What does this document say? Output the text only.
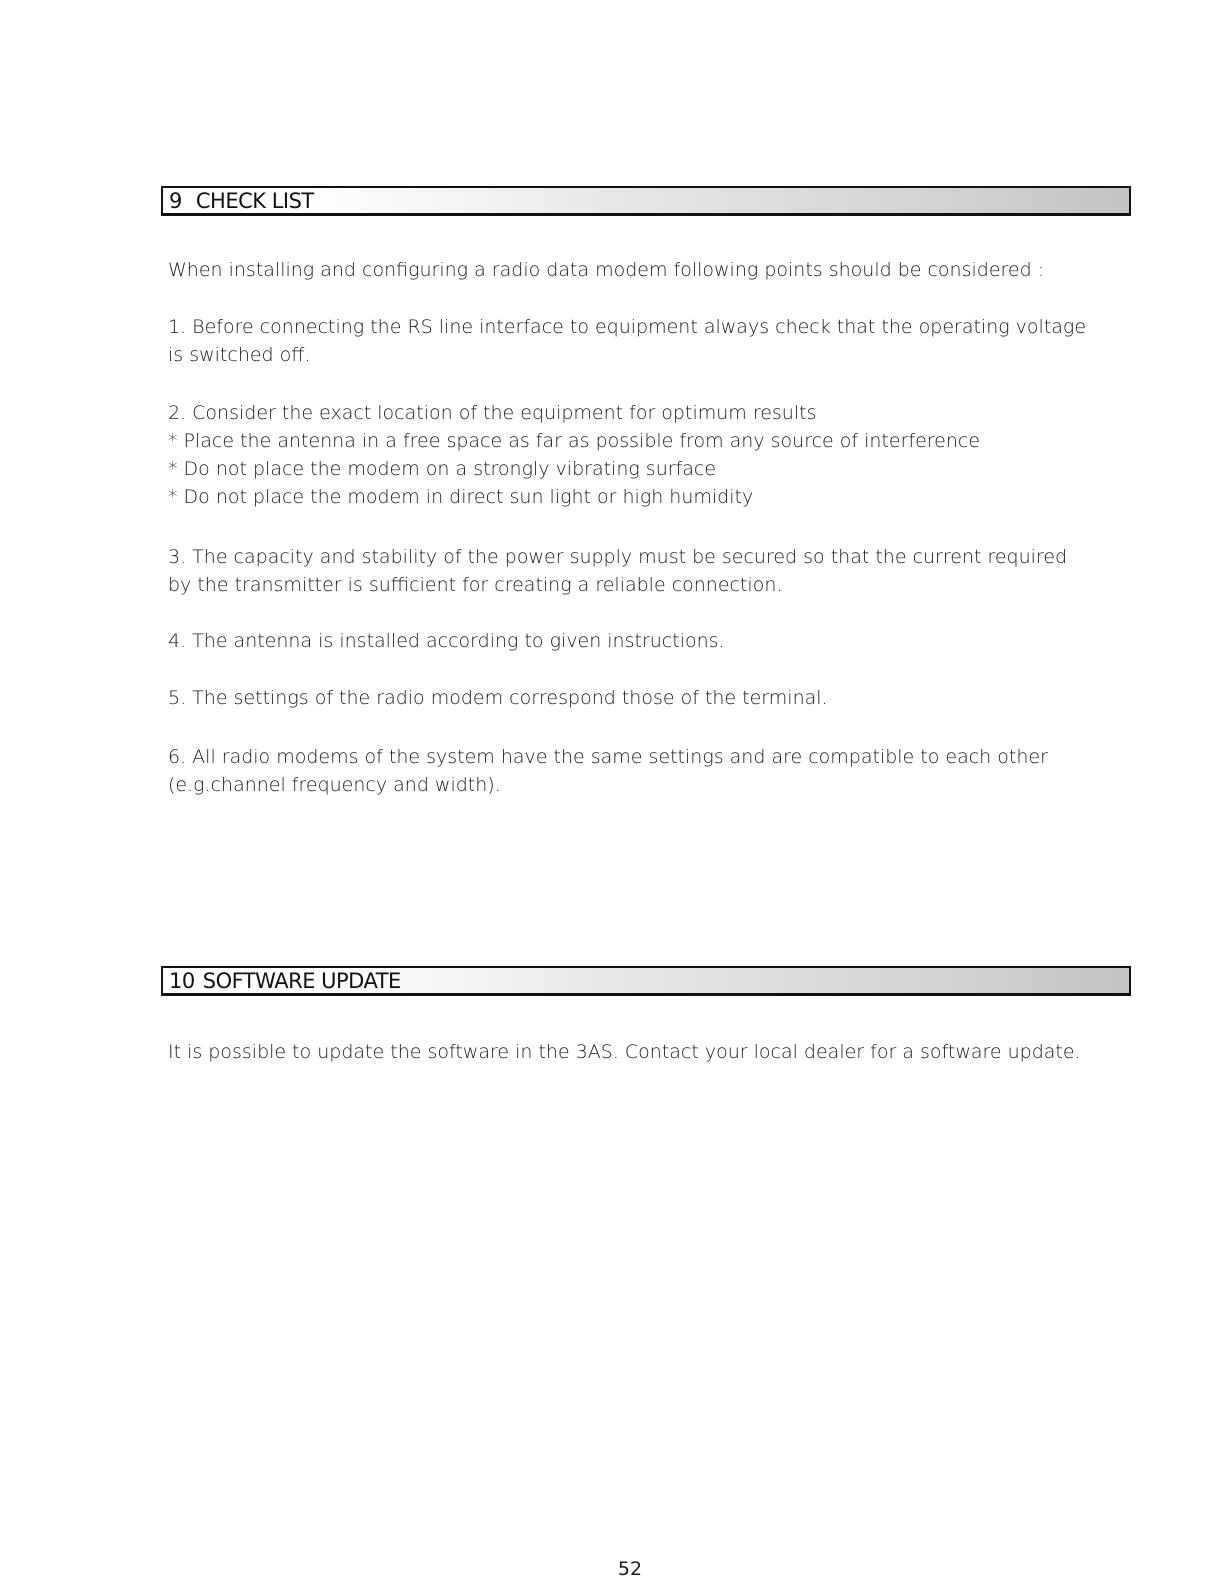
9 CHECK LIST

When installing and configuring a radio data modem following points should be considered :

1. Before connecting the RS line interface to equipment always check that the operating voltage

is switched off.

2. Consider the exact location of the equipment for optimum results

* Place the antenna in a free space as far as possible from any source of interference

* Do not place the modem on a strongly vibrating surface

* Do not place the modem in direct sun light or high humidity

3. The capacity and stability of the power supply must be secured so that the current required

by the transmitter is sufficient for creating a reliable connection.

4. The antenna is installed according to given instructions.

5. The settings of the radio modem correspond those of the terminal.

6. All radio modems of the system have the same settings and are compatible to each other

(e.g.channel frequency and width).

10 SOFTWARE UPDATE

It is possible to update the software in the 3AS. Contact your local dealer for a software update.

52
